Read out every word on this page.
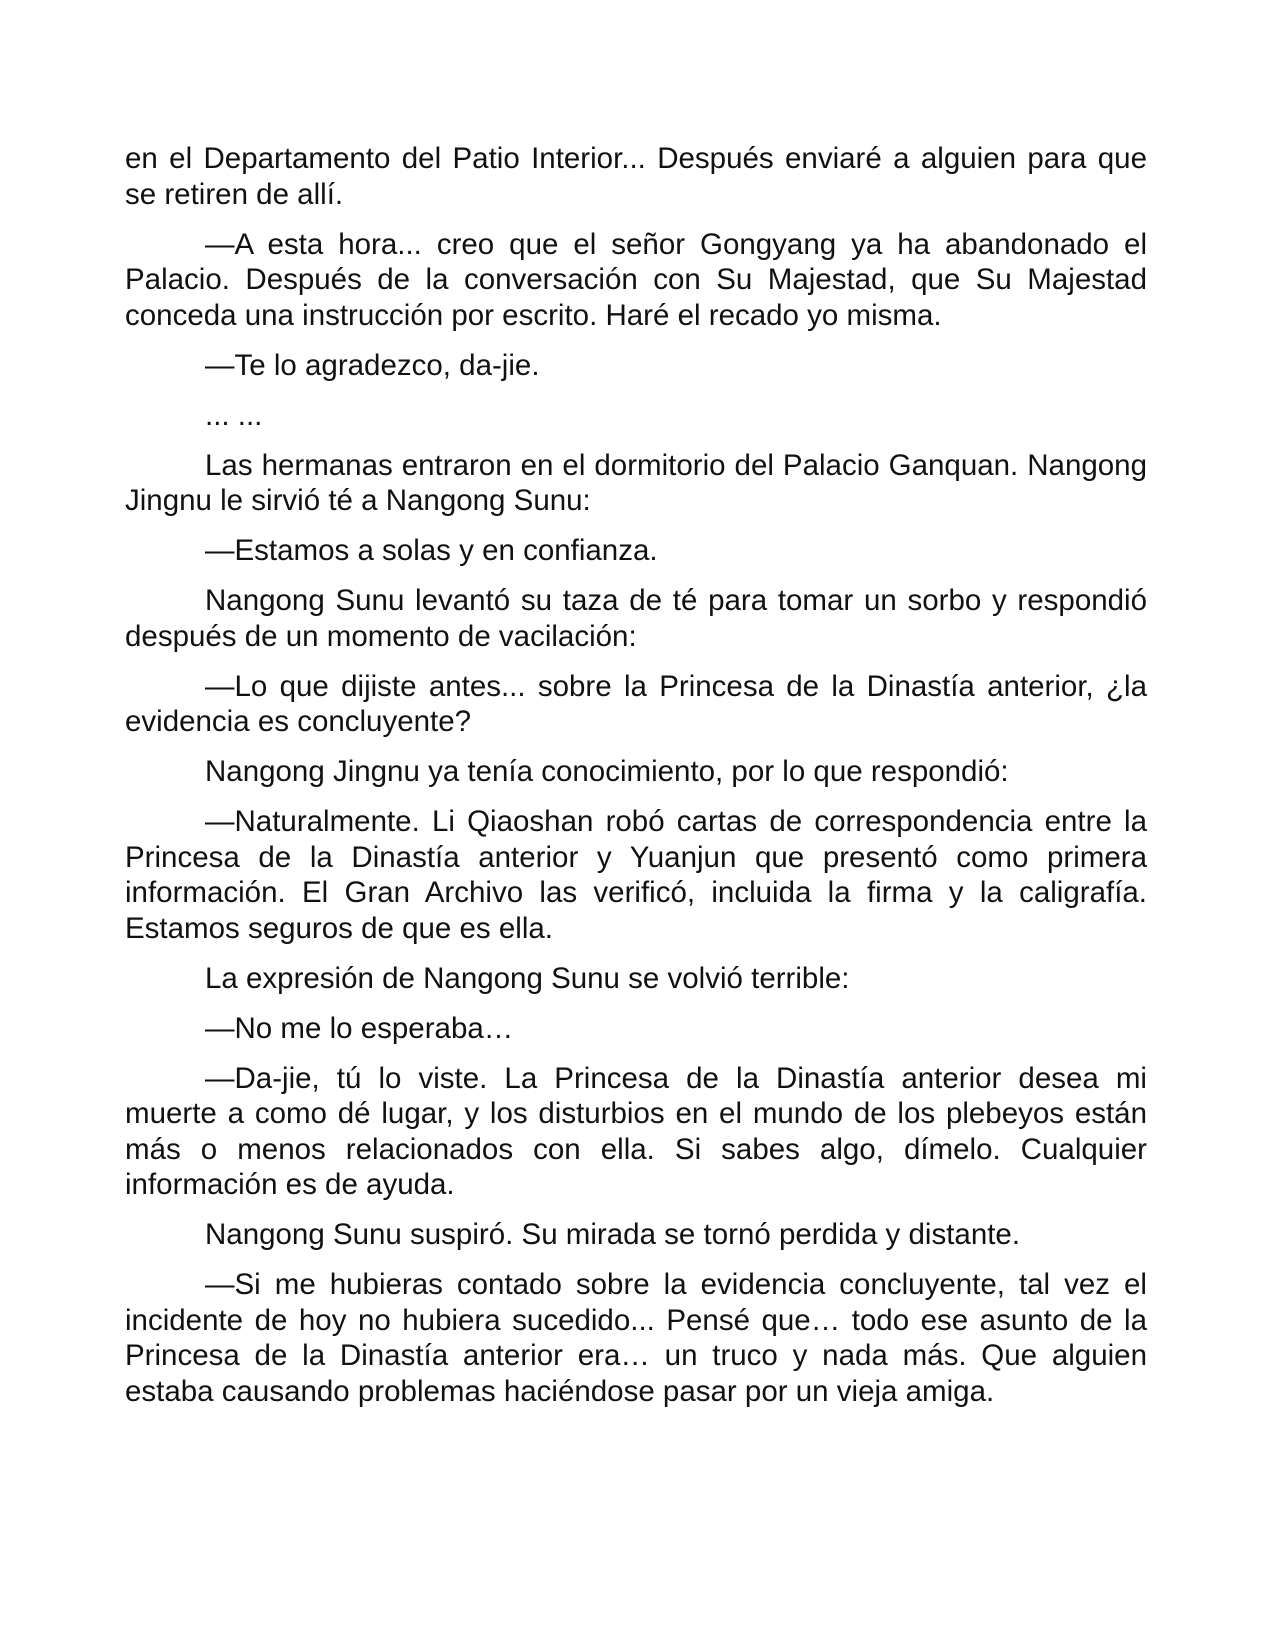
en el Departamento del Patio Interior... Después enviaré a alguien para que se retiren de allí.

—A esta hora... creo que el señor Gongyang ya ha abandonado el Palacio. Después de la conversación con Su Majestad, que Su Majestad conceda una instrucción por escrito. Haré el recado yo misma.

—Te lo agradezco, da-jie.

... ...

Las hermanas entraron en el dormitorio del Palacio Ganquan. Nangong Jingnu le sirvió té a Nangong Sunu:

—Estamos a solas y en confianza.

Nangong Sunu levantó su taza de té para tomar un sorbo y respondió después de un momento de vacilación:

—Lo que dijiste antes... sobre la Princesa de la Dinastía anterior, ¿la evidencia es concluyente?

Nangong Jingnu ya tenía conocimiento, por lo que respondió:

—Naturalmente. Li Qiaoshan robó cartas de correspondencia entre la Princesa de la Dinastía anterior y Yuanjun que presentó como primera información. El Gran Archivo las verificó, incluida la firma y la caligrafía. Estamos seguros de que es ella.

La expresión de Nangong Sunu se volvió terrible:

—No me lo esperaba…

—Da-jie, tú lo viste. La Princesa de la Dinastía anterior desea mi muerte a como dé lugar, y los disturbios en el mundo de los plebeyos están más o menos relacionados con ella. Si sabes algo, dímelo. Cualquier información es de ayuda.

Nangong Sunu suspiró. Su mirada se tornó perdida y distante.

—Si me hubieras contado sobre la evidencia concluyente, tal vez el incidente de hoy no hubiera sucedido... Pensé que… todo ese asunto de la Princesa de la Dinastía anterior era… un truco y nada más. Que alguien estaba causando problemas haciéndose pasar por un vieja amiga.
